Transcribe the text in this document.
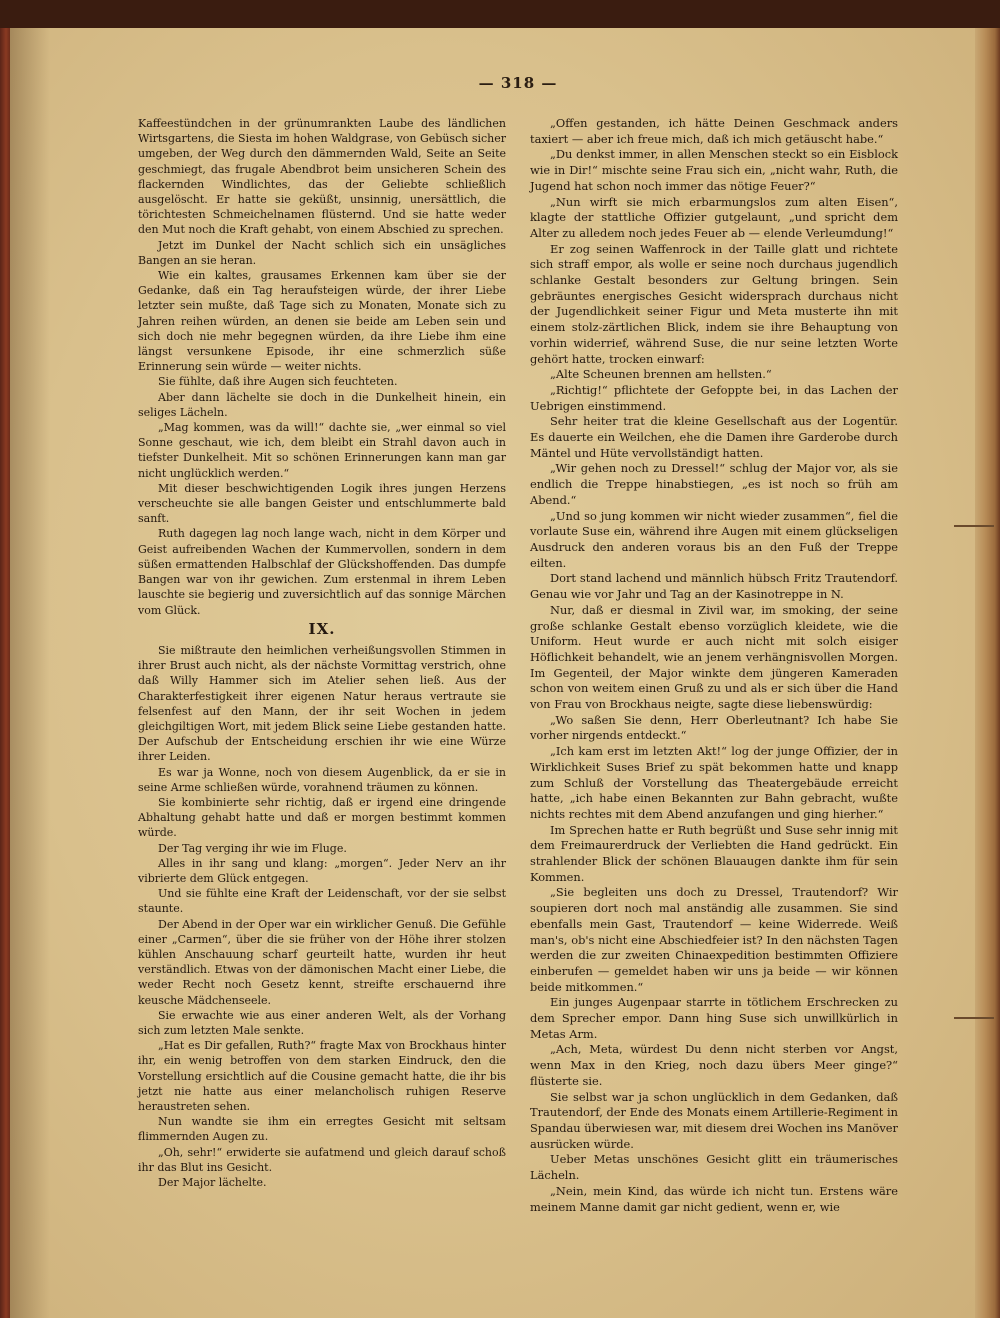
— 318 —

Kaffeestündchen in der grünumrankten Laube des ländlichen Wirtsgartens, die Siesta im hohen Waldgrase, von Gebüsch sicher umgeben, der Weg durch den dämmernden Wald, Seite an Seite geschmiegt, das frugale Abendbrot beim unsicheren Schein des flackernden Windlichtes, das der Geliebte schließlich ausgelöscht. Er hatte sie geküßt, unsinnig, unersättlich, die törichtesten Schmeichelnamen flüsternd. Und sie hatte weder den Mut noch die Kraft gehabt, von einem Abschied zu sprechen.

Jetzt im Dunkel der Nacht schlich sich ein unsägliches Bangen an sie heran.

Wie ein kaltes, grausames Erkennen kam über sie der Gedanke, daß ein Tag heraufsteigen würde, der ihrer Liebe letzter sein mußte, daß Tage sich zu Monaten, Monate sich zu Jahren reihen würden, an denen sie beide am Leben sein und sich doch nie mehr begegnen würden, da ihre Liebe ihm eine längst versunkene Episode, ihr eine schmerzlich süße Erinnerung sein würde — weiter nichts.

Sie fühlte, daß ihre Augen sich feuchteten.

Aber dann lächelte sie doch in die Dunkelheit hinein, ein seliges Lächeln.

„Mag kommen, was da will!“ dachte sie, „wer einmal so viel Sonne geschaut, wie ich, dem bleibt ein Strahl davon auch in tiefster Dunkelheit. Mit so schönen Erinnerungen kann man gar nicht unglücklich werden.“

Mit dieser beschwichtigenden Logik ihres jungen Herzens verscheuchte sie alle bangen Geister und entschlummerte bald sanft.

Ruth dagegen lag noch lange wach, nicht in dem Körper und Geist aufreibenden Wachen der Kummervollen, sondern in dem süßen ermattenden Halbschlaf der Glückshoffenden. Das dumpfe Bangen war von ihr gewichen. Zum erstenmal in ihrem Leben lauschte sie begierig und zuversichtlich auf das sonnige Märchen vom Glück.

IX.

Sie mißtraute den heimlichen verheißungsvollen Stimmen in ihrer Brust auch nicht, als der nächste Vormittag verstrich, ohne daß Willy Hammer sich im Atelier sehen ließ. Aus der Charakterfestigkeit ihrer eigenen Natur heraus vertraute sie felsenfest auf den Mann, der ihr seit Wochen in jedem gleichgiltigen Wort, mit jedem Blick seine Liebe gestanden hatte. Der Aufschub der Entscheidung erschien ihr wie eine Würze ihrer Leiden.

Es war ja Wonne, noch von diesem Augenblick, da er sie in seine Arme schließen würde, vorahnend träumen zu können.

Sie kombinierte sehr richtig, daß er irgend eine dringende Abhaltung gehabt hatte und daß er morgen bestimmt kommen würde.

Der Tag verging ihr wie im Fluge.

Alles in ihr sang und klang: „morgen“. Jeder Nerv an ihr vibrierte dem Glück entgegen.

Und sie fühlte eine Kraft der Leidenschaft, vor der sie selbst staunte.

Der Abend in der Oper war ein wirklicher Genuß. Die Gefühle einer „Carmen“, über die sie früher von der Höhe ihrer stolzen kühlen Anschauung scharf geurteilt hatte, wurden ihr heut verständlich. Etwas von der dämonischen Macht einer Liebe, die weder Recht noch Gesetz kennt, streifte erschauernd ihre keusche Mädchenseele.

Sie erwachte wie aus einer anderen Welt, als der Vorhang sich zum letzten Male senkte.

„Hat es Dir gefallen, Ruth?“ fragte Max von Brockhaus hinter ihr, ein wenig betroffen von dem starken Eindruck, den die Vorstellung ersichtlich auf die Cousine gemacht hatte, die ihr bis jetzt nie hatte aus einer melancholisch ruhigen Reserve heraustreten sehen.

Nun wandte sie ihm ein erregtes Gesicht mit seltsam flimmernden Augen zu.

„Oh, sehr!“ erwiderte sie aufatmend und gleich darauf schoß ihr das Blut ins Gesicht.

Der Major lächelte.

„Offen gestanden, ich hätte Deinen Geschmack anders taxiert — aber ich freue mich, daß ich mich getäuscht habe.“

„Du denkst immer, in allen Menschen steckt so ein Eisblock wie in Dir!“ mischte seine Frau sich ein, „nicht wahr, Ruth, die Jugend hat schon noch immer das nötige Feuer?“

„Nun wirft sie mich erbarmungslos zum alten Eisen“, klagte der stattliche Offizier gutgelaunt, „und spricht dem Alter zu alledem noch jedes Feuer ab — elende Verleumdung!“

Er zog seinen Waffenrock in der Taille glatt und richtete sich straff empor, als wolle er seine noch durchaus jugendlich schlanke Gestalt besonders zur Geltung bringen. Sein gebräuntes energisches Gesicht widersprach durchaus nicht der Jugendlichkeit seiner Figur und Meta musterte ihn mit einem stolz-zärtlichen Blick, indem sie ihre Behauptung von vorhin widerrief, während Suse, die nur seine letzten Worte gehört hatte, trocken einwarf:

„Alte Scheunen brennen am hellsten.“

„Richtig!“ pflichtete der Gefoppte bei, in das Lachen der Uebrigen einstimmend.

Sehr heiter trat die kleine Gesellschaft aus der Logentür. Es dauerte ein Weilchen, ehe die Damen ihre Garderobe durch Mäntel und Hüte vervollständigt hatten.

„Wir gehen noch zu Dressel!“ schlug der Major vor, als sie endlich die Treppe hinabstiegen, „es ist noch so früh am Abend.“

„Und so jung kommen wir nicht wieder zusammen“, fiel die vorlaute Suse ein, während ihre Augen mit einem glückseligen Ausdruck den anderen voraus bis an den Fuß der Treppe eilten.

Dort stand lachend und männlich hübsch Fritz Trautendorf. Genau wie vor Jahr und Tag an der Kasinotreppe in N.

Nur, daß er diesmal in Zivil war, im smoking, der seine große schlanke Gestalt ebenso vorzüglich kleidete, wie die Uniform. Heut wurde er auch nicht mit solch eisiger Höflichkeit behandelt, wie an jenem verhängnisvollen Morgen. Im Gegenteil, der Major winkte dem jüngeren Kameraden schon von weitem einen Gruß zu und als er sich über die Hand von Frau von Brockhaus neigte, sagte diese liebenswürdig:

„Wo saßen Sie denn, Herr Oberleutnant? Ich habe Sie vorher nirgends entdeckt.“

„Ich kam erst im letzten Akt!“ log der junge Offizier, der in Wirklichkeit Suses Brief zu spät bekommen hatte und knapp zum Schluß der Vorstellung das Theatergebäude erreicht hatte, „ich habe einen Bekannten zur Bahn gebracht, wußte nichts rechtes mit dem Abend anzufangen und ging hierher.“

Im Sprechen hatte er Ruth begrüßt und Suse sehr innig mit dem Freimaurerdruck der Verliebten die Hand gedrückt. Ein strahlender Blick der schönen Blauaugen dankte ihm für sein Kommen.

„Sie begleiten uns doch zu Dressel, Trautendorf? Wir soupieren dort noch mal anständig alle zusammen. Sie sind ebenfalls mein Gast, Trautendorf — keine Widerrede. Weiß man's, ob's nicht eine Abschiedfeier ist? In den nächsten Tagen werden die zur zweiten Chinaexpedition bestimmten Offiziere einberufen — gemeldet haben wir uns ja beide — wir können beide mitkommen.“

Ein junges Augenpaar starrte in tötlichem Erschrecken zu dem Sprecher empor. Dann hing Suse sich unwillkürlich in Metas Arm.

„Ach, Meta, würdest Du denn nicht sterben vor Angst, wenn Max in den Krieg, noch dazu übers Meer ginge?“ flüsterte sie.

Sie selbst war ja schon unglücklich in dem Gedanken, daß Trautendorf, der Ende des Monats einem Artillerie-Regiment in Spandau überwiesen war, mit diesem drei Wochen ins Manöver ausrücken würde.

Ueber Metas unschönes Gesicht glitt ein träumerisches Lächeln.

„Nein, mein Kind, das würde ich nicht tun. Erstens wäre meinem Manne damit gar nicht gedient, wenn er, wie
